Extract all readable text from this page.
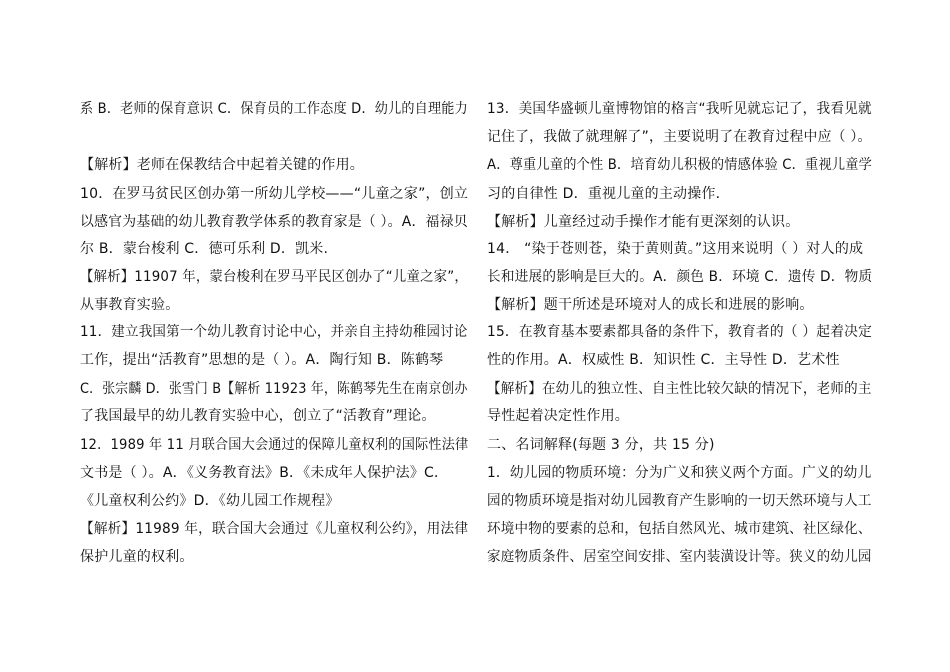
系 B．老师的保育意识 C．保育员的工作态度 D．幼儿的自理能力
【解析】老师在保教结合中起着关键的作用。
10．在罗马贫民区创办第一所幼儿学校——“儿童之家”，创立
以感官为基础的幼儿教育教学体系的教育家是（ ）。A．福禄贝
尔 B．蒙台梭利 C．德可乐利 D．凯米.
【解析】11907 年，蒙台梭利在罗马平民区创办了“儿童之家”，
从事教育实验。
11．建立我国第一个幼儿教育讨论中心，并亲自主持幼稚园讨论
工作，提出“活教育”思想的是（ ）。A．陶行知 B．陈鹤琴
C．张宗麟 D．张雪门 B【解析 11923 年，陈鹤琴先生在南京创办
了我国最早的幼儿教育实验中心，创立了“活教育”理论。
12．1989 年 11 月联合国大会通过的保障儿童权利的国际性法律
文书是（ ）。A．《义务教育法》B．《未成年人保护法》C．
《儿童权利公约》D．《幼儿园工作规程》
【解析】11989 年，联合国大会通过《儿童权利公约》，用法律
保护儿童的权利。
13．美国华盛顿儿童博物馆的格言“我听见就忘记了，我看见就
记住了，我做了就理解了”，主要说明了在教育过程中应（ ）。
A．尊重儿童的个性 B．培育幼儿积极的情感体验 C．重视儿童学
习的自律性 D．重视儿童的主动操作.
【解析】儿童经过动手操作才能有更深刻的认识。
14． “染于苍则苍，染于黄则黄。”这用来说明（ ）对人的成
长和进展的影响是巨大的。A．颜色 B．环境 C．遗传 D．物质
【解析】题干所述是环境对人的成长和进展的影响。
15．在教育基本要素都具备的条件下，教育者的（ ）起着决定
性的作用。A．权威性 B．知识性 C．主导性 D．艺术性
【解析】在幼儿的独立性、自主性比较欠缺的情况下，老师的主
导性起着决定性作用。
二、名词解释(每题 3 分，共 15 分)
1．幼儿园的物质环境：分为广义和狭义两个方面。广义的幼儿
园的物质环境是指对幼儿园教育产生影响的一切天然环境与人工
环境中物的要素的总和，包括自然风光、城市建筑、社区绿化、
家庭物质条件、居室空间安排、室内装潢设计等。狭义的幼儿园
